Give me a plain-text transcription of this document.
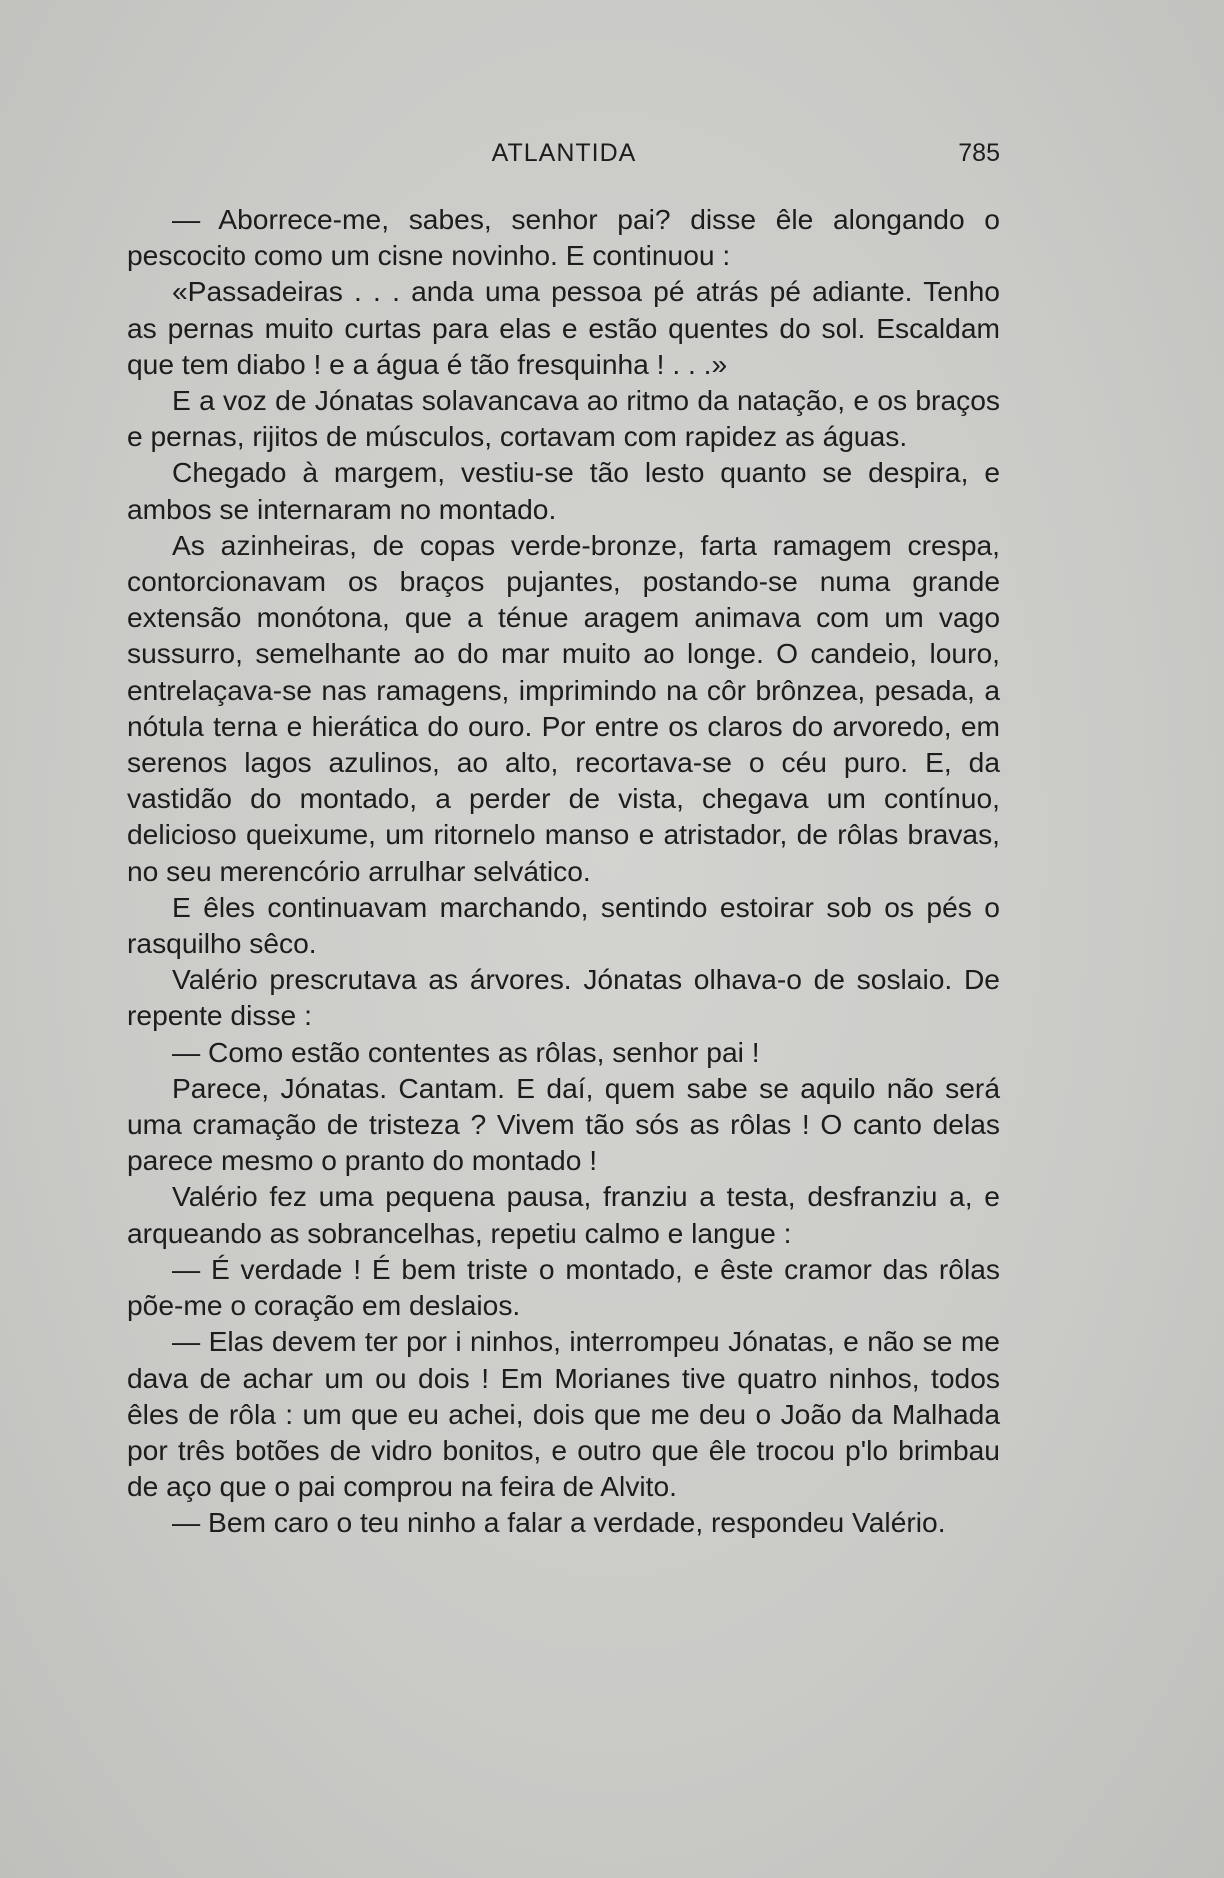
ATLANTIDA	785

— Aborrece-me, sabes, senhor pai? disse êle alongando o pescocito como um cisne novinho. E continuou :

«Passadeiras . . . anda uma pessoa pé atrás pé adiante. Tenho as pernas muito curtas para elas e estão quentes do sol. Escaldam que tem diabo ! e a água é tão fresquinha ! . . .»

E a voz de Jónatas solavancava ao ritmo da natação, e os braços e pernas, rijitos de músculos, cortavam com rapidez as águas.

Chegado à margem, vestiu-se tão lesto quanto se despira, e ambos se internaram no montado.

As azinheiras, de copas verde-bronze, farta ramagem crespa, contorcionavam os braços pujantes, postando-se numa grande extensão monótona, que a ténue aragem animava com um vago sussurro, semelhante ao do mar muito ao longe. O candeio, louro, entrelaçava-se nas ramagens, imprimindo na côr brônzea, pesada, a nótula terna e hierática do ouro. Por entre os claros do arvoredo, em serenos lagos azulinos, ao alto, recortava-se o céu puro. E, da vastidão do montado, a perder de vista, chegava um contínuo, delicioso queixume, um ritornelo manso e atristador, de rôlas bravas, no seu merencório arrulhar selvático.

E êles continuavam marchando, sentindo estoirar sob os pés o rasquilho sêco.

Valério prescrutava as árvores. Jónatas olhava-o de soslaio. De repente disse :

— Como estão contentes as rôlas, senhor pai !

Parece, Jónatas. Cantam. E daí, quem sabe se aquilo não será uma cramação de tristeza ? Vivem tão sós as rôlas ! O canto delas parece mesmo o pranto do montado !

Valério fez uma pequena pausa, franziu a testa, desfranziu a, e arqueando as sobrancelhas, repetiu calmo e langue :

— É verdade ! É bem triste o montado, e êste cramor das rôlas põe-me o coração em deslaios.

— Elas devem ter por i ninhos, interrompeu Jónatas, e não se me dava de achar um ou dois ! Em Morianes tive quatro ninhos, todos êles de rôla : um que eu achei, dois que me deu o João da Malhada por três botões de vidro bonitos, e outro que êle trocou p'lo brimbau de aço que o pai comprou na feira de Alvito.

— Bem caro o teu ninho a falar a verdade, respondeu Valério.
